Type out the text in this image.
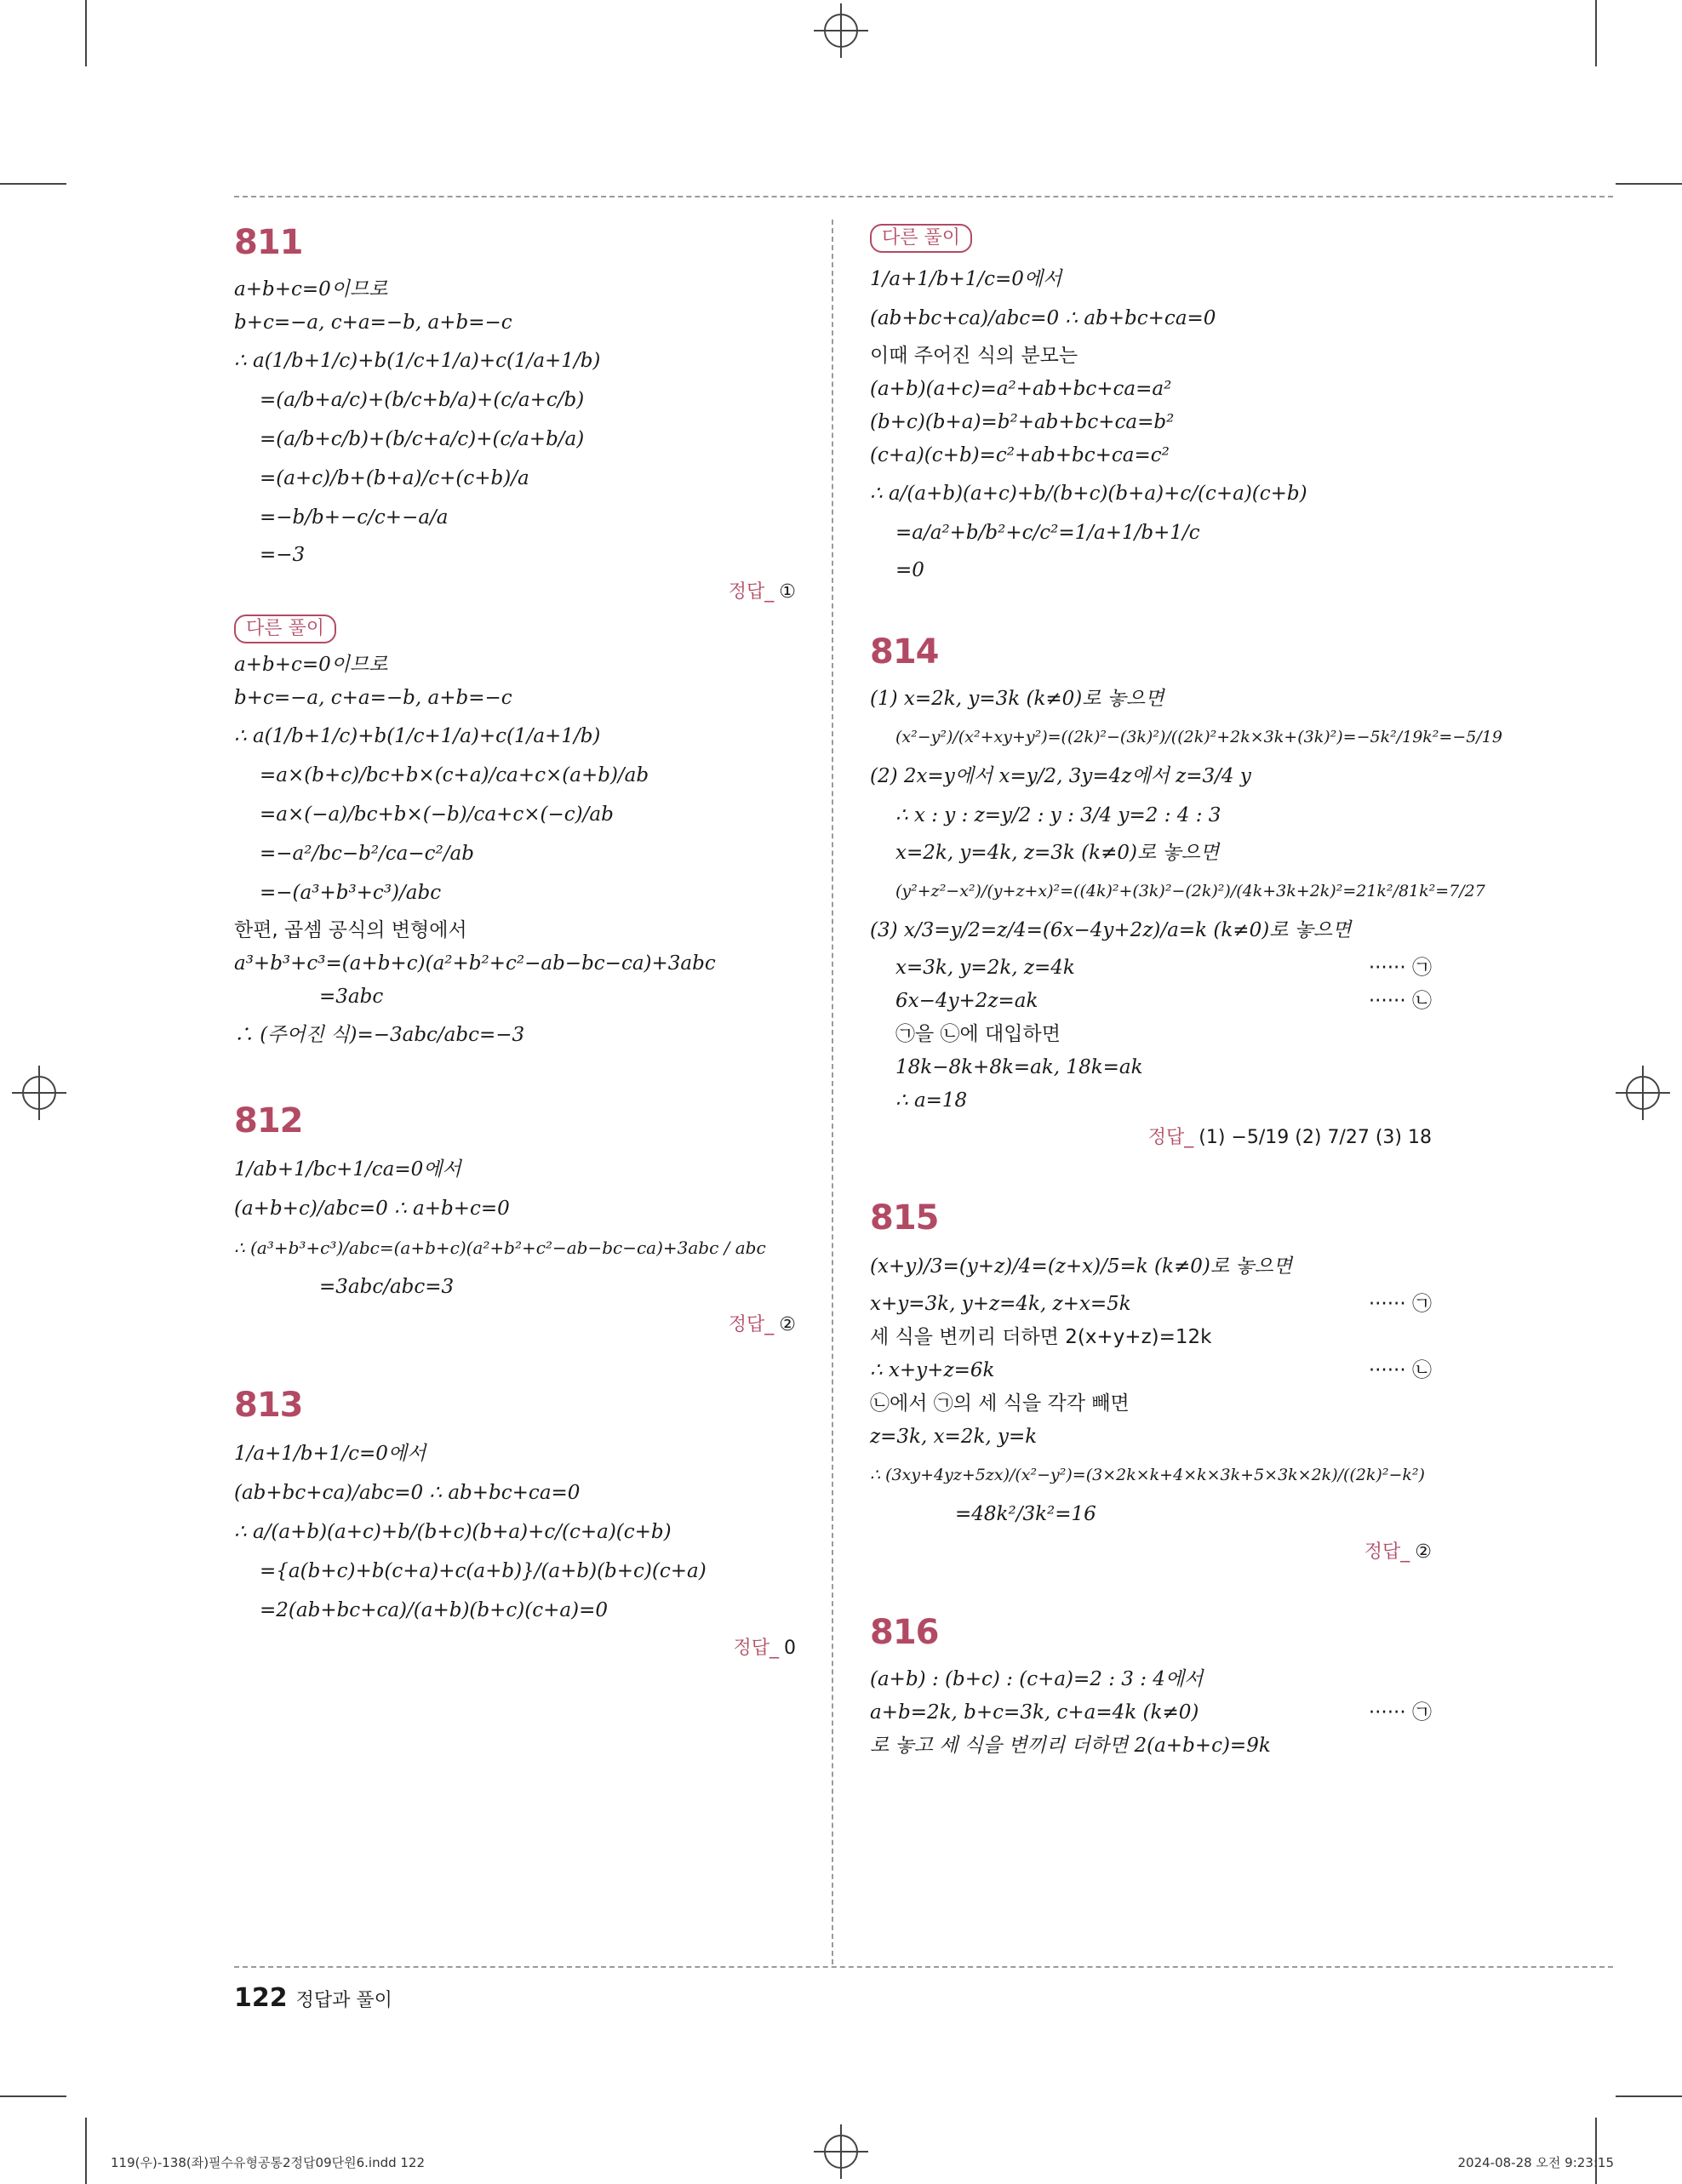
811
a+b+c=0이므로
b+c=−a, c+a=−b, a+b=−c
∴ a(1/b+1/c)+b(1/c+1/a)+c(1/a+1/b)
=(a/b+a/c)+(b/c+b/a)+(c/a+c/b)
=(a/b+c/b)+(b/c+a/c)+(c/a+b/a)
=(a+c)/b+(b+a)/c+(c+b)/a
=−b/b+−c/c+−a/a
=−3
정답_ ①
다른 풀이
a+b+c=0이므로
b+c=−a, c+a=−b, a+b=−c
∴ a(1/b+1/c)+b(1/c+1/a)+c(1/a+1/b)
=a×(b+c)/bc+b×(c+a)/ca+c×(a+b)/ab
=a×(−a)/bc+b×(−b)/ca+c×(−c)/ab
=−a²/bc−b²/ca−c²/ab
=−(a³+b³+c³)/abc
한편, 곱셈 공식의 변형에서
a³+b³+c³=(a+b+c)(a²+b²+c²−ab−bc−ca)+3abc
=3abc
∴ (주어진 식)=−3abc/abc=−3
812
1/ab+1/bc+1/ca=0에서
(a+b+c)/abc=0 ∴ a+b+c=0
∴ (a³+b³+c³)/abc=(a+b+c)(a²+b²+c²−ab−bc−ca)+3abc / abc
=3abc/abc=3
정답_ ②
813
1/a+1/b+1/c=0에서
(ab+bc+ca)/abc=0 ∴ ab+bc+ca=0
∴ a/(a+b)(a+c)+b/(b+c)(b+a)+c/(c+a)(c+b)
={a(b+c)+b(c+a)+c(a+b)}/(a+b)(b+c)(c+a)
=2(ab+bc+ca)/(a+b)(b+c)(c+a)=0
정답_ 0
다른 풀이
1/a+1/b+1/c=0에서
(ab+bc+ca)/abc=0 ∴ ab+bc+ca=0
이때 주어진 식의 분모는
(a+b)(a+c)=a²+ab+bc+ca=a²
(b+c)(b+a)=b²+ab+bc+ca=b²
(c+a)(c+b)=c²+ab+bc+ca=c²
∴ a/(a+b)(a+c)+b/(b+c)(b+a)+c/(c+a)(c+b)
=a/a²+b/b²+c/c²=1/a+1/b+1/c
=0
814
(1) x=2k, y=3k (k≠0)로 놓으면
(x²−y²)/(x²+xy+y²)=((2k)²−(3k)²)/((2k)²+2k×3k+(3k)²)=−5k²/19k²=−5/19
(2) 2x=y에서 x=y/2, 3y=4z에서 z=3/4 y
∴ x : y : z=y/2 : y : 3/4 y=2 : 4 : 3
x=2k, y=4k, z=3k (k≠0)로 놓으면
(y²+z²−x²)/(y+z+x)²=((4k)²+(3k)²−(2k)²)/(4k+3k+2k)²=21k²/81k²=7/27
(3) x/3=y/2=z/4=(6x−4y+2z)/a=k (k≠0)로 놓으면
x=3k, y=2k, z=4k	······ ㉠
6x−4y+2z=ak	······ ㉡
㉠을 ㉡에 대입하면
18k−8k+8k=ak, 18k=ak
∴ a=18
정답_ (1) −5/19 (2) 7/27 (3) 18
815
(x+y)/3=(y+z)/4=(z+x)/5=k (k≠0)로 놓으면
x+y=3k, y+z=4k, z+x=5k	······ ㉠
세 식을 변끼리 더하면 2(x+y+z)=12k
∴ x+y+z=6k	······ ㉡
㉡에서 ㉠의 세 식을 각각 빼면
z=3k, x=2k, y=k
∴ (3xy+4yz+5zx)/(x²−y²)=(3×2k×k+4×k×3k+5×3k×2k)/((2k)²−k²)
=48k²/3k²=16
정답_ ②
816
(a+b) : (b+c) : (c+a)=2 : 3 : 4에서
a+b=2k, b+c=3k, c+a=4k (k≠0)	······ ㉠
로 놓고 세 식을 변끼리 더하면 2(a+b+c)=9k
122 정답과 풀이
119(우)-138(좌)필수유형공통2정답09단원6.indd 122	2024-08-28 오전 9:23:15
